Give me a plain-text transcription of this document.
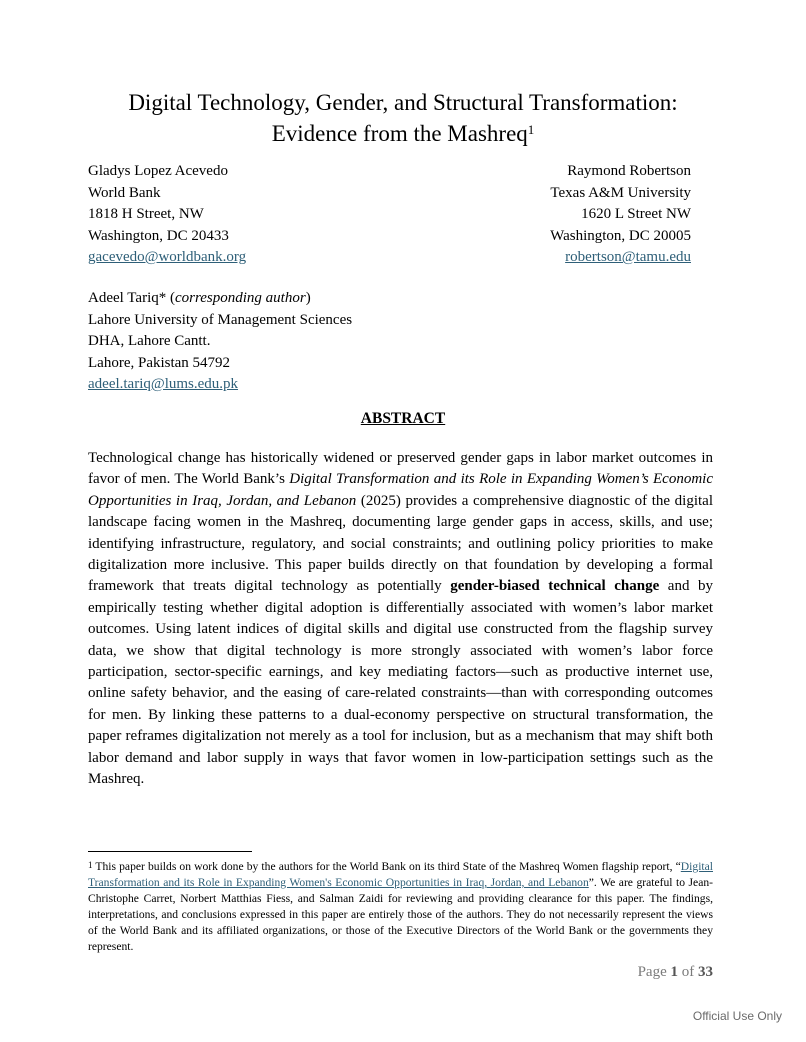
Digital Technology, Gender, and Structural Transformation:
Evidence from the Mashreq$^1$
Gladys Lopez Acevedo
World Bank
1818 H Street, NW
Washington, DC 20433
gacevedo@worldbank.org
Raymond Robertson
Texas A&M University
1620 L Street NW
Washington, DC 20005
robertson@tamu.edu
Adeel Tariq* (corresponding author)
Lahore University of Management Sciences
DHA, Lahore Cantt.
Lahore, Pakistan 54792
adeel.tariq@lums.edu.pk
ABSTRACT
Technological change has historically widened or preserved gender gaps in labor market outcomes in favor of men. The World Bank’s Digital Transformation and its Role in Expanding Women’s Economic Opportunities in Iraq, Jordan, and Lebanon (2025) provides a comprehensive diagnostic of the digital landscape facing women in the Mashreq, documenting large gender gaps in access, skills, and use; identifying infrastructure, regulatory, and social constraints; and outlining policy priorities to make digitalization more inclusive. This paper builds directly on that foundation by developing a formal framework that treats digital technology as potentially gender-biased technical change and by empirically testing whether digital adoption is differentially associated with women’s labor market outcomes. Using latent indices of digital skills and digital use constructed from the flagship survey data, we show that digital technology is more strongly associated with women’s labor force participation, sector-specific earnings, and key mediating factors—such as productive internet use, online safety behavior, and the easing of care-related constraints—than with corresponding outcomes for men. By linking these patterns to a dual-economy perspective on structural transformation, the paper reframes digitalization not merely as a tool for inclusion, but as a mechanism that may shift both labor demand and labor supply in ways that favor women in low-participation settings such as the Mashreq.
$^1$ This paper builds on work done by the authors for the World Bank on its third State of the Mashreq Women flagship report, “Digital Transformation and its Role in Expanding Women's Economic Opportunities in Iraq, Jordan, and Lebanon”. We are grateful to Jean-Christophe Carret, Norbert Matthias Fiess, and Salman Zaidi for reviewing and providing clearance for this paper. The findings, interpretations, and conclusions expressed in this paper are entirely those of the authors. They do not necessarily represent the views of the World Bank and its affiliated organizations, or those of the Executive Directors of the World Bank or the governments they represent.
Page 1 of 33
Official Use Only
